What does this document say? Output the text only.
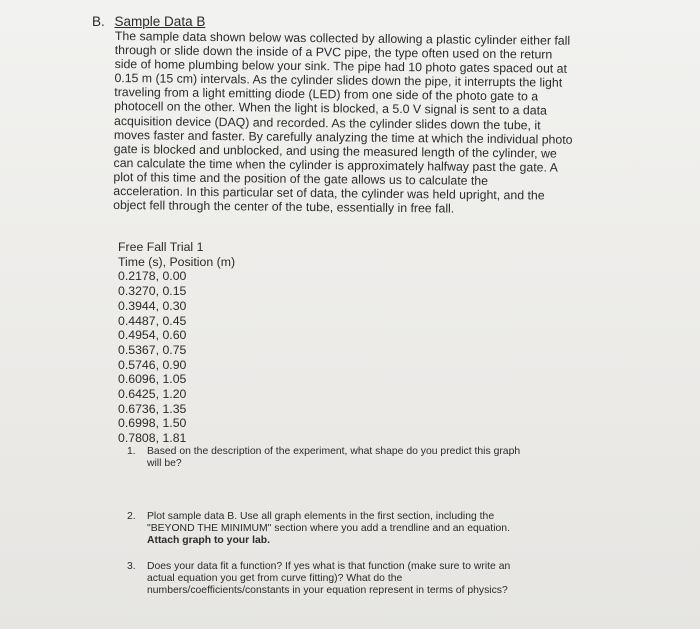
B. Sample Data B

The sample data shown below was collected by allowing a plastic cylinder either fall
through or slide down the inside of a PVC pipe, the type often used on the return
side of home plumbing below your sink. The pipe had 10 photo gates spaced out at
0.15 m (15 cm) intervals. As the cylinder slides down the pipe, it interrupts the light
traveling from a light emitting diode (LED) from one side of the photo gate to a
photocell on the other. When the light is blocked, a 5.0 V signal is sent to a data
acquisition device (DAQ) and recorded. As the cylinder slides down the tube, it
moves faster and faster. By carefully analyzing the time at which the individual photo
gate is blocked and unblocked, and using the measured length of the cylinder, we
can calculate the time when the cylinder is approximately halfway past the gate. A
plot of this time and the position of the gate allows us to calculate the
acceleration. In this particular set of data, the cylinder was held upright, and the
object fell through the center of the tube, essentially in free fall.

Free Fall Trial 1
Time (s), Position (m)
0.2178, 0.00
0.3270, 0.15
0.3944, 0.30
0.4487, 0.45
0.4954, 0.60
0.5367, 0.75
0.5746, 0.90
0.6096, 1.05
0.6425, 1.20
0.6736, 1.35
0.6998, 1.50
0.7808, 1.81
1. Based on the description of the experiment, what shape do you predict this graph
will be?
2. Plot sample data B. Use all graph elements in the first section, including the
"BEYOND THE MINIMUM" section where you add a trendline and an equation.
Attach graph to your lab.
3. Does your data fit a function? If yes what is that function (make sure to write an
actual equation you get from curve fitting)? What do the
numbers/coefficients/constants in your equation represent in terms of physics?
